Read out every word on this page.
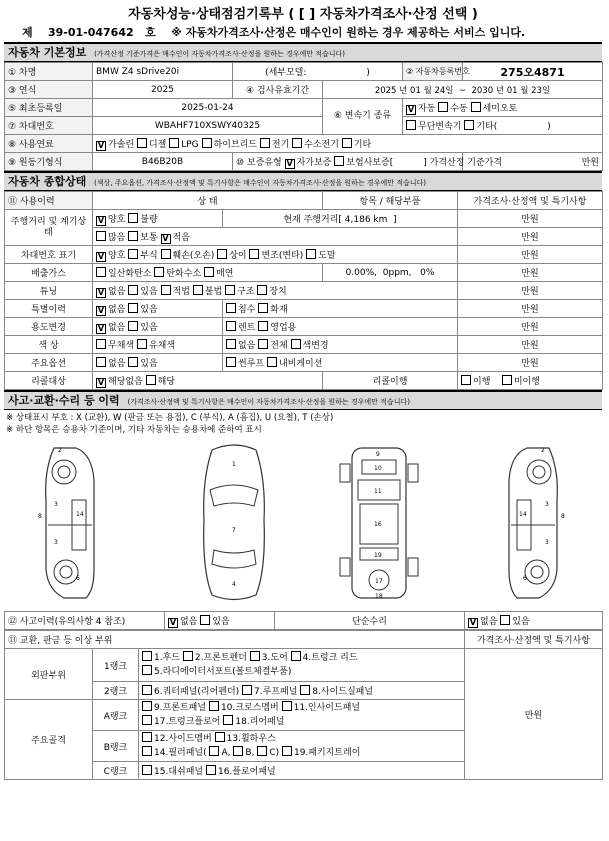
자동차성능·상태점검기록부 ( [ ] 자동차가격조사·산정 선택 )
제 39-01-047642 호 ※ 자동차가격조사·산정은 매수인이 원하는 경우 제공하는 서비스 입니다.
자동차 기본정보 (가격산정 기준가격은 매수인이 자동차가격조사·산정을 원하는 경우에만 적습니다)
① 차명	BMW Z4 sDrive20i	(세부모델: )		② 자동차등록번호	275오4871
③ 연식	2025	④ 검사유효기간	2025 년 01 월 24일 ~ 2030 년 01 월 23일		
⑤ 최초등록일	2025-01-24		⑥ 변속기 종류	V 자동 수동 세미오토	
⑦ 차대번호	WBAHF710XSWY40325			무단변속기 기타( )	
⑧ 사용연료	V 가솔린 디젤 LPG 하이브리드 전기 수소전기 기타				
⑨ 원동기형식	B46B20B	⑩ 보증유형 V 자가보증 보험사보증[ ] 가격산정 기준가격			만원
자동차 종합상태 (색상, 주요옵션, 가격조사·산정액 및 특기사항은 매수인이 자동차가격조사·산정을 원하는 경우에만 적습니다)
⑪ 사용이력	상 태		항목 / 해당부품	가격조사·산정액 및 특기사항
주행거리 및 계기상태	V 양호 불량	현재 주행거리[ 4,186 km ]		만원
	많음 보통 V 적음			만원
차대번호 표기	V 양호 부식 훼손(오손) 상이 변조(변타) 도말			만원
배출가스	일산화탄소 탄화수소 매연		0.00%, 0ppm, 0%	만원
튜닝	V 없음 있음 적법 불법 구조 장치			만원
특별이력	V 없음 있음	침수 화재		만원
용도변경	V 없음 있음	렌트 영업용		만원
색 상	무채색 유채색	없음 전체 색변경		만원
주요옵션	없음 있음	썬루프 내비게이션		만원
리콜대상	V 해당없음 해당		리콜이행	이행 미이행
사고·교환·수리 등 이력 (가격조사·산정액 및 특기사항은 매수인이 자동차가격조사·산정을 원하는 경우에만 적습니다)
※ 상태표시 부호 : X (교환), W (판금 또는 용접), C (부식), A (흠집), U (요철), T (손상)
※ 하단 항목은 승용차 기준이며, 기타 자동차는 승용차에 준하여 표시
2
3
3
8	14
6
1
7
4
9
10
11
16
19
17
18
2
3
3
8
14
6
⑫ 사고이력(유의사항 4 참조)	V 없음 있음	단순수리	V 없음 있음
⑬ 교환, 판금 등 이상 부위			가격조사·산정액 및 특기사항
외판부위	1랭크	1.후드 2.프론트펜더 3.도어 4.트렁크 리드
5.라디에이터서포트(볼트체결부품)	만원
	2랭크	6.쿼터패널(리어펜더) 7.루프패널 8.사이드실패널	
주요골격	A랭크	9.프론트패널 10.크로스멤버 11.인사이드패널
17.트렁크플로어 18.리어패널	
	B랭크	12.사이드멤버 13.휠하우스
14.필러패널( A, B, C) 19.패키지트레이	
	C랭크	15.대쉬패널 16.플로어패널	
